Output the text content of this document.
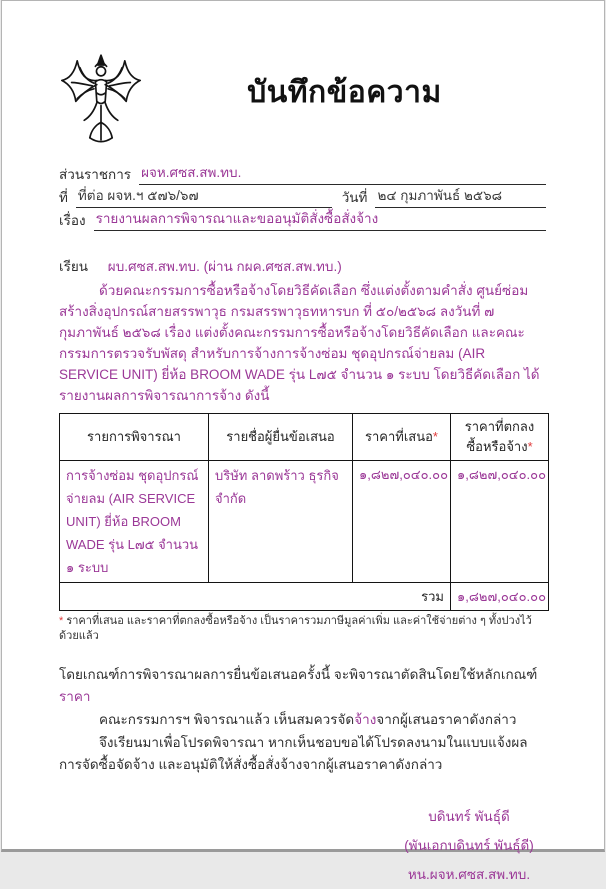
บันทึกข้อความ
ส่วนราชการ ผจห.ศซส.สพ.ทบ.
ที่ ที่ต่อ ผจห.ฯ ๕๗๖/๖๗	วันที่ ๒๔ กุมภาพันธ์ ๒๕๖๘
เรื่อง รายงานผลการพิจารณาและขออนุมัติสั่งซื้อสั่งจ้าง
เรียน ผบ.ศซส.สพ.ทบ. (ผ่าน กผค.ศซส.สพ.ทบ.)
ด้วยคณะกรรมการซื้อหรือจ้างโดยวิธีคัดเลือก ซึ่งแต่งตั้งตามคำสั่ง ศูนย์ซ่อมสร้างสิ่งอุปกรณ์สายสรรพาวุธ กรมสรรพาวุธทหารบก ที่ ๕๐/๒๕๖๘ ลงวันที่ ๗ กุมภาพันธ์ ๒๕๖๘ เรื่อง แต่งตั้งคณะกรรมการซื้อหรือจ้างโดยวิธีคัดเลือก และคณะกรรมการตรวจรับพัสดุ สำหรับการจ้างการจ้างซ่อม ชุดอุปกรณ์จ่ายลม (AIR SERVICE UNIT) ยี่ห้อ BROOM WADE รุ่น L๗๕ จำนวน ๑ ระบบ โดยวิธีคัดเลือก ได้รายงานผลการพิจารณาการจ้าง ดังนี้
รายการพิจารณา	รายชื่อผู้ยื่นข้อเสนอ	ราคาที่เสนอ*	ราคาที่ตกลงซื้อหรือจ้าง*
การจ้างซ่อม ชุดอุปกรณ์จ่ายลม (AIR SERVICE UNIT) ยี่ห้อ BROOM WADE รุ่น L๗๕ จำนวน ๑ ระบบ	บริษัท ลาดพร้าว ธุรกิจ จำกัด	๑,๘๒๗,๐๔๐.๐๐	๑,๘๒๗,๐๔๐.๐๐
รวม			๑,๘๒๗,๐๔๐.๐๐
* ราคาที่เสนอ และราคาที่ตกลงซื้อหรือจ้าง เป็นราคารวมภาษีมูลค่าเพิ่ม และค่าใช้จ่ายต่าง ๆ ทั้งปวงไว้ด้วยแล้ว

โดยเกณฑ์การพิจารณาผลการยื่นข้อเสนอครั้งนี้ จะพิจารณาตัดสินโดยใช้หลักเกณฑ์ราคา

คณะกรรมการฯ พิจารณาแล้ว เห็นสมควรจัดจ้างจากผู้เสนอราคาดังกล่าว

จึงเรียนมาเพื่อโปรดพิจารณา หากเห็นชอบขอได้โปรดลงนามในแบบแจ้งผลการจัดซื้อจัดจ้าง และอนุมัติให้สั่งซื้อสั่งจ้างจากผู้เสนอราคาดังกล่าว

บดินทร์ พันธุ์ดี
(พันเอกบดินทร์ พันธุ์ดี)
หน.ผจห.ศซส.สพ.ทบ.
